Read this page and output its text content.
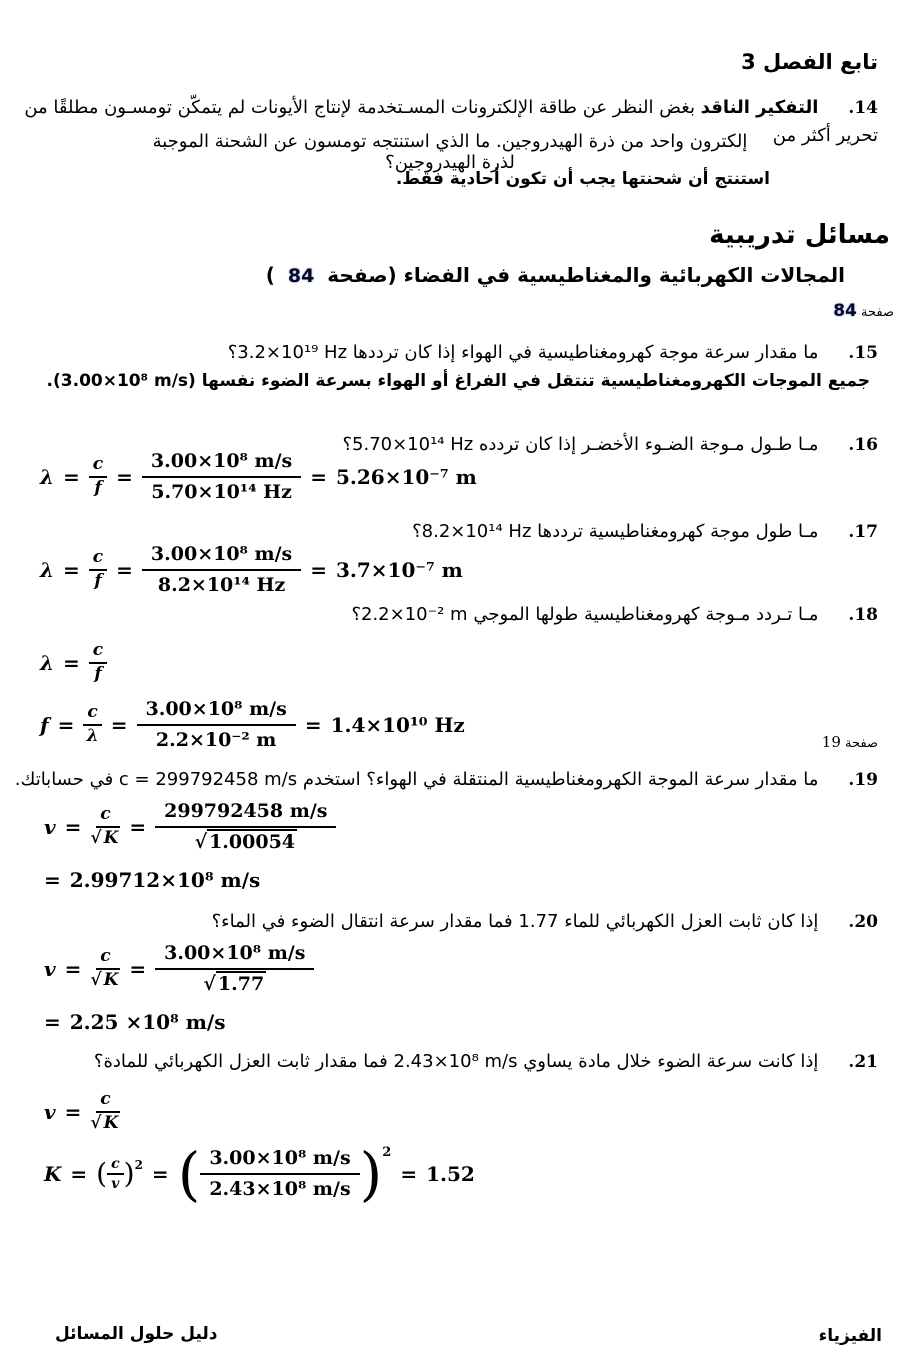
تابع الفصل 3
14.التفكير الناقد بغض النظر عن طاقة الإلكترونات المسـتخدمة لإنتاج الأيونات لم يتمكّن تومسـون مطلقًا من تحرير أكثر من
إلكترون واحد من ذرة الهيدروجين. ما الذي استنتجه تومسون عن الشحنة الموجبة لذرة الهيدروجين؟
استنتج أن شحنتها يجب أن تكون أحادية فقط.
مسائل تدريبية
المجالات الكهربائية والمغناطيسية في الفضاء (صفحة 84 )
صفحة 84
15.ما مقدار سرعة موجة كهرومغناطيسية في الهواء إذا كان ترددها ⁦3.2×10¹⁹ Hz⁩؟
جميع الموجات الكهرومغناطيسية تنتقل في الفراغ أو الهواء بسرعة الضوء نفسها (⁦3.00×10⁸ m/s⁩).
16.مـا طـول مـوجة الضـوء الأخضـر إذا كان تردده ⁦5.70×10¹⁴ Hz⁩؟
$\lambda = \frac{c}{f} = \frac{\text{3.00×10⁸ m/s}}{\text{5.70×10¹⁴ Hz}} = 5.26\times 10^{-7}$ m
17.مـا طول موجة كهرومغناطيسية ترددها ⁦8.2×10¹⁴ Hz⁩؟
$\lambda = \frac{c}{f} = \frac{\text{3.00×10⁸ m/s}}{\text{8.2×10¹⁴ Hz}} = 3.7\times 10^{-7}$ m
18.مـا تـردد مـوجة كهرومغناطيسية طولها الموجي ⁦2.2×10⁻² m⁩؟
$\lambda = \frac{c}{f}$
$f = \frac{c}{\lambda} = \frac{\text{3.00×10⁸ m/s}}{\text{2.2×10⁻² m}} = 1.4\times 10^{10}$ Hz
صفحة 19
19.ما مقدار سرعة الموجة الكهرومغناطيسية المنتقلة في الهواء؟ استخدم ⁦c = 299792458 m/s⁩ في حساباتك.
$v = \frac{c}{√ K} = \frac{299792458 m/s}{√ 1.00054}$
= 2.99712×10⁸ m/s
20.إذا كان ثابت العزل الكهربائي للماء ⁦1.77⁩ فما مقدار سرعة انتقال الضوء في الماء؟
$v = \frac{c}{√ K} = \frac{\text{3.00×10⁸ m/s}}{√ 1.77}$
= 2.25 ×10⁸ m/s
21.إذا كانت سرعة الضوء خلال مادة يساوي ⁦2.43×10⁸ m/s⁩ فما مقدار ثابت العزل الكهربائي للمادة؟
$v = \frac{c}{√ K}$
K = ( $\frac{c}{v} )^2$ = ( $\frac{\text{3.00×10⁸ m/s}}{\text{2.43×10⁸ m/s}} )^2$
= 1.52
دليل حلول المسائل	الفيزياء
